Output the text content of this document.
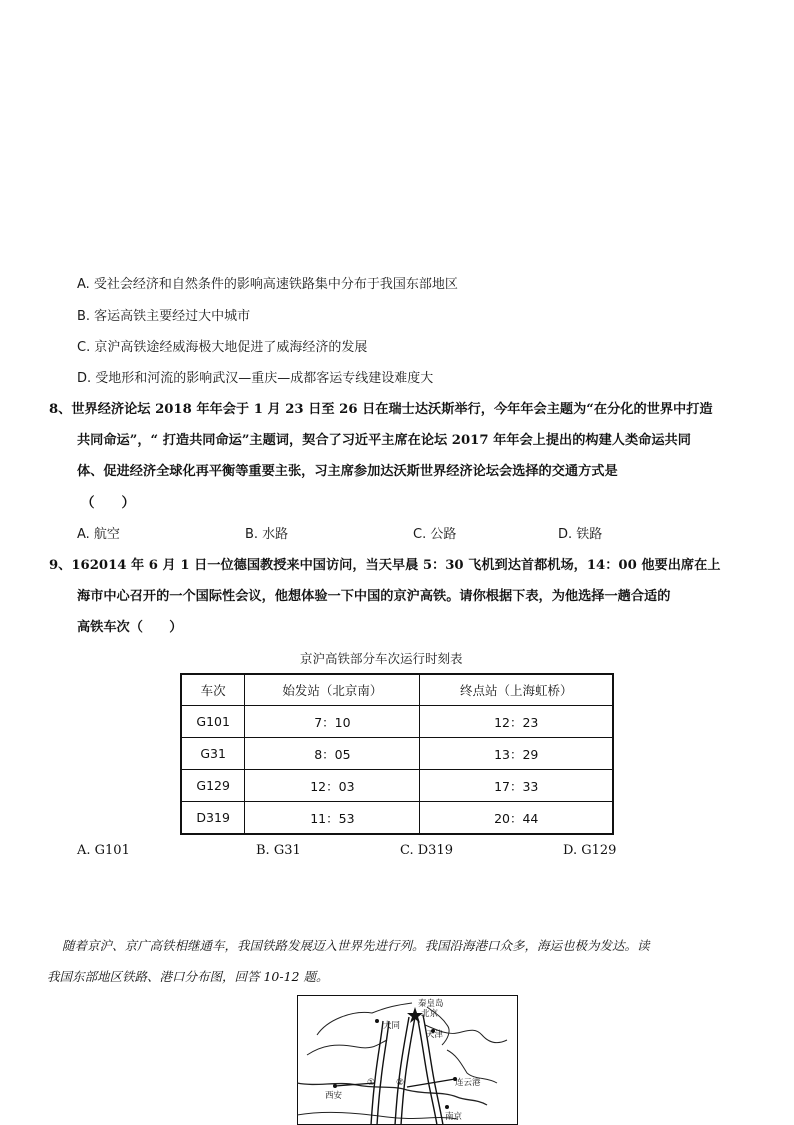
A. 受社会经济和自然条件的影响高速铁路集中分布于我国东部地区
B. 客运高铁主要经过大中城市
C. 京沪高铁途经威海极大地促进了威海经济的发展
D. 受地形和河流的影响武汉—重庆—成都客运专线建设难度大
8、世界经济论坛 2018 年年会于 1 月 23 日至 26 日在瑞士达沃斯举行，今年年会主题为“在分化的世界中打造
共同命运”，“ 打造共同命运”主题词，契合了习近平主席在论坛 2017 年年会上提出的构建人类命运共同
体、促进经济全球化再平衡等重要主张，习主席参加达沃斯世界经济论坛会选择的交通方式是
（　　）
A. 航空	B. 水路	C. 公路	D. 铁路
9、162014 年 6 月 1 日一位德国教授来中国访问，当天早晨 5：30 飞机到达首都机场，14：00 他要出席在上
海市中心召开的一个国际性会议，他想体验一下中国的京沪高铁。请你根据下表，为他选择一趟合适的
高铁车次（　　）
京沪高铁部分车次运行时刻表
车次	始发站（北京南）	终点站（上海虹桥）
G101	7：10	12：23
G31	8：05	13：29
G129	12：03	17：33
D319	11：53	20：44
A. G101	B. G31	C. D319	D. G129
随着京沪、京广高铁相继通车，我国铁路发展迈入世界先进行列。我国沿海港口众多，海运也极为发达。读
我国东部地区铁路、港口分布图，回答 10-12 题。
秦皇岛
北京
大同
天津
① ②	连云港
西安
南京
